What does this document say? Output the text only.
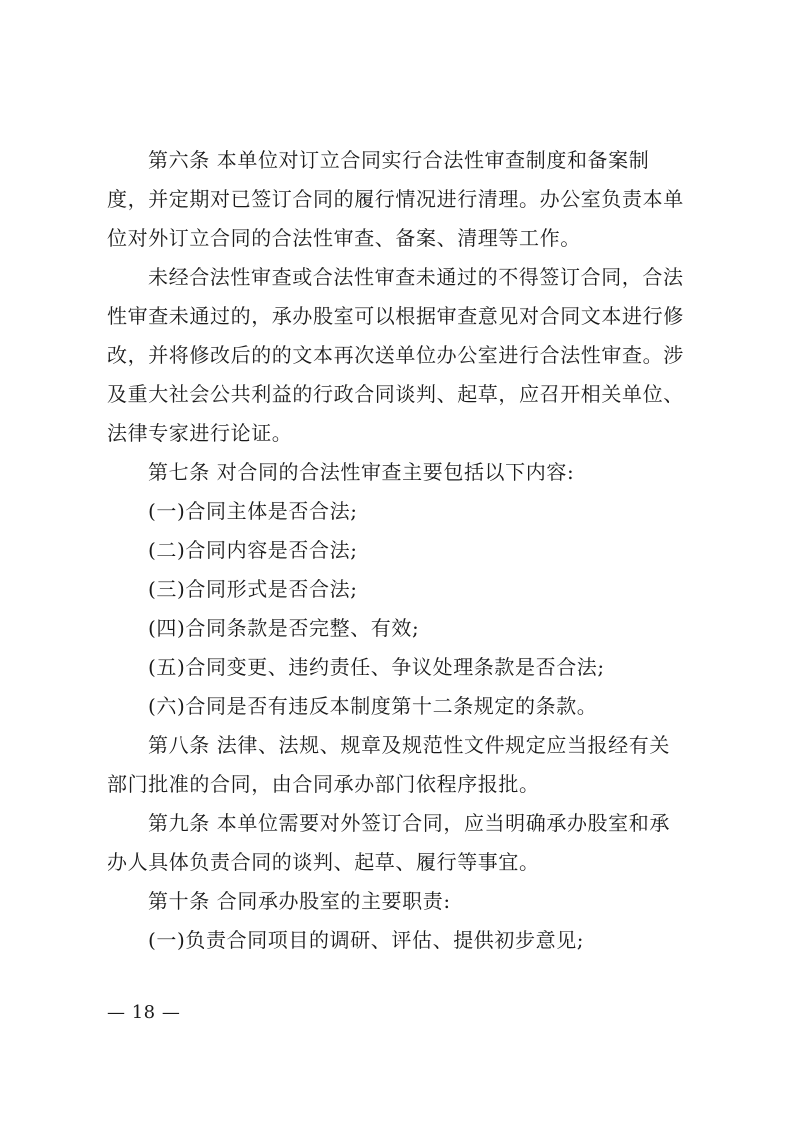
第六条 本单位对订立合同实行合法性审查制度和备案制
度，并定期对已签订合同的履行情况进行清理。办公室负责本单
位对外订立合同的合法性审查、备案、清理等工作。
未经合法性审查或合法性审查未通过的不得签订合同，合法
性审查未通过的，承办股室可以根据审查意见对合同文本进行修
改，并将修改后的的文本再次送单位办公室进行合法性审查。涉
及重大社会公共利益的行政合同谈判、起草，应召开相关单位、
法律专家进行论证。
第七条 对合同的合法性审查主要包括以下内容:
(一)合同主体是否合法;
(二)合同内容是否合法;
(三)合同形式是否合法;
(四)合同条款是否完整、有效;
(五)合同变更、违约责任、争议处理条款是否合法;
(六)合同是否有违反本制度第十二条规定的条款。
第八条 法律、法规、规章及规范性文件规定应当报经有关
部门批准的合同，由合同承办部门依程序报批。
第九条 本单位需要对外签订合同，应当明确承办股室和承
办人具体负责合同的谈判、起草、履行等事宜。
第十条 合同承办股室的主要职责:
(一)负责合同项目的调研、评估、提供初步意见;
— 18 —
